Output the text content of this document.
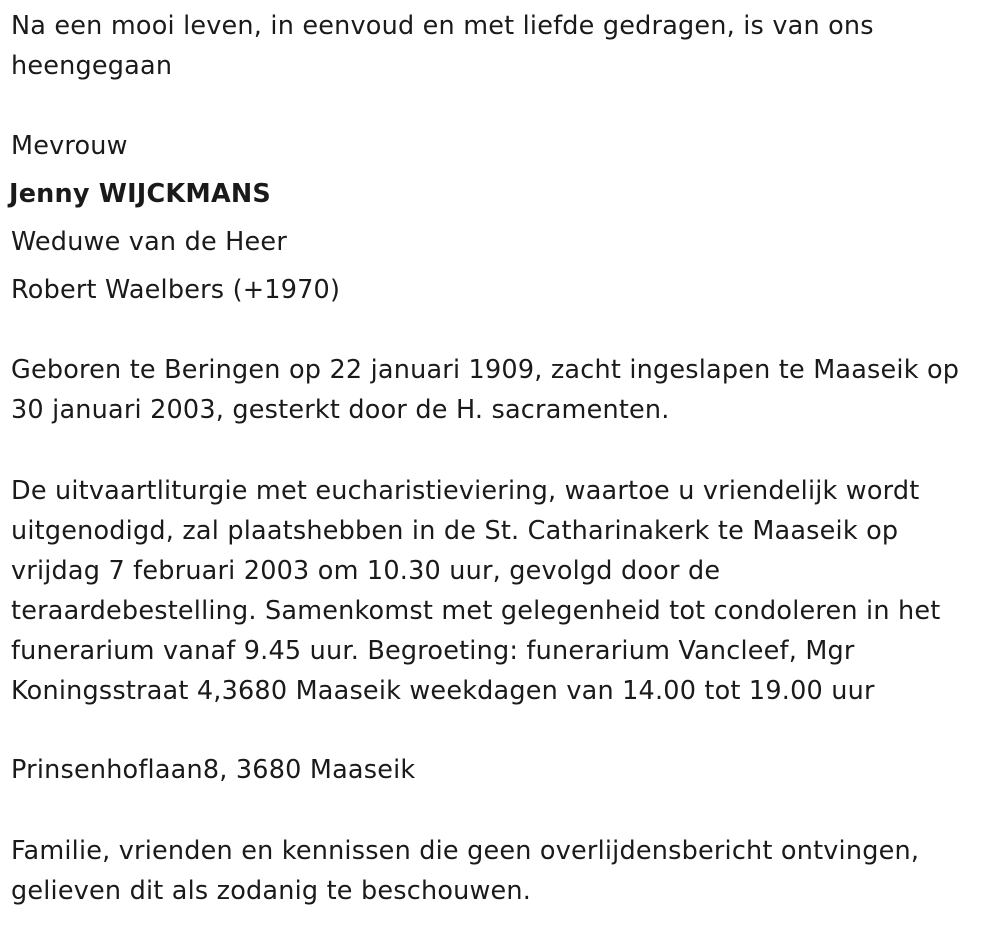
Na een mooi leven, in eenvoud en met liefde gedragen, is van ons

heengegaan

Mevrouw

Jenny WIJCKMANS

Weduwe van de Heer

Robert Waelbers (+1970)

Geboren te Beringen op 22 januari 1909, zacht ingeslapen te Maaseik op

30 januari 2003, gesterkt door de H. sacramenten.

De uitvaartliturgie met eucharistieviering, waartoe u vriendelijk wordt

uitgenodigd, zal plaatshebben in de St. Catharinakerk te Maaseik op

vrijdag 7 februari 2003 om 10.30 uur, gevolgd door de

teraardebestelling. Samenkomst met gelegenheid tot condoleren in het

funerarium vanaf 9.45 uur. Begroeting: funerarium Vancleef, Mgr

Koningsstraat 4,3680 Maaseik weekdagen van 14.00 tot 19.00 uur

Prinsenhoflaan8, 3680 Maaseik

Familie, vrienden en kennissen die geen overlijdensbericht ontvingen,

gelieven dit als zodanig te beschouwen.
